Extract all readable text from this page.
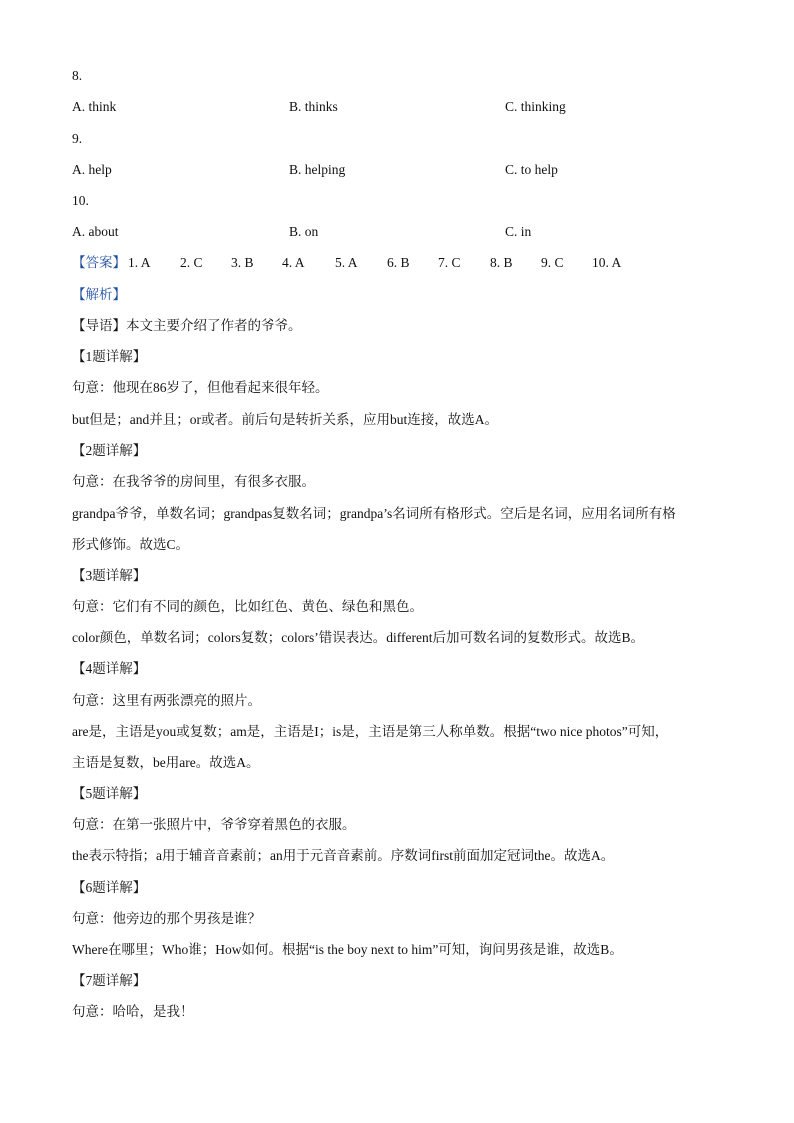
8.
A. think	B. thinks	C. thinking
9.
A. help	B. helping	C. to help
10.
A. about	B. on	C. in
【答案】 1. A 2. C 3. B 4. A 5. A 6. B 7. C 8. B 9. C 10. A
【解析】
【导语】本文主要介绍了作者的爷爷。
【1题详解】
句意：他现在86岁了，但他看起来很年轻。
but但是；and并且；or或者。前后句是转折关系，应用but连接，故选A。
【2题详解】
句意：在我爷爷的房间里，有很多衣服。
grandpa爷爷，单数名词；grandpas复数名词；grandpa’s名词所有格形式。空后是名词，应用名词所有格
形式修饰。故选C。
【3题详解】
句意：它们有不同的颜色，比如红色、黄色、绿色和黑色。
color颜色，单数名词；colors复数；colors’错误表达。different后加可数名词的复数形式。故选B。
【4题详解】
句意：这里有两张漂亮的照片。
are是，主语是you或复数；am是，主语是I；is是，主语是第三人称单数。根据“two nice photos”可知，
主语是复数，be用are。故选A。
【5题详解】
句意：在第一张照片中，爷爷穿着黑色的衣服。
the表示特指；a用于辅音音素前；an用于元音音素前。序数词first前面加定冠词the。故选A。
【6题详解】
句意：他旁边的那个男孩是谁？
Where在哪里；Who谁；How如何。根据“is the boy next to him”可知，询问男孩是谁，故选B。
【7题详解】
句意：哈哈，是我！
